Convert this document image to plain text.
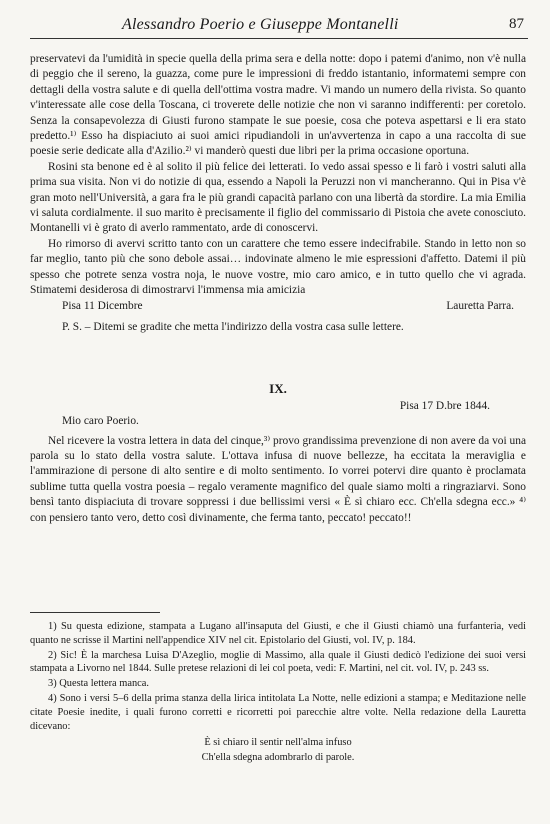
Alessandro Poerio e Giuseppe Montanelli	87

preservatevi da l'umidità in specie quella della prima sera e della notte: dopo i patemi d'animo, non v'è nulla di peggio che il sereno, la guazza, come pure le impressioni di freddo istantanio, informatemi sempre con dettagli della vostra salute e di quella dell'ottima vostra madre. Vi mando un numero della rivista. So quanto v'interessate alle cose della Toscana, ci troverete delle notizie che non vi saranno indifferenti: per coretolo. Senza la consapevolezza di Giusti furono stampate le sue poesie, cosa che poteva aspettarsi e li era stato predetto.¹⁾ Esso ha dispiaciuto ai suoi amici ripudiandoli in un'avvertenza in capo a una raccolta di sue poesie serie dedicate alla d'Azilio.²⁾ vi manderò questi due libri per la prima occasione oportuna.

Rosini sta benone ed è al solito il più felice dei letterati. Io vedo assai spesso e li farò i vostri saluti alla prima sua visita. Non vi do notizie di qua, essendo a Napoli la Peruzzi non vi mancheranno. Qui in Pisa v'è gran moto nell'Università, a gara fra le più grandi capacità parlano con una libertà da stordire. La mia Emilia vi saluta cordialmente. il suo marito è precisamente il figlio del commissario di Pistoia che avete conosciuto. Montanelli vi è grato di averlo rammentato, arde di conoscervi.

Ho rimorso di avervi scritto tanto con un carattere che temo essere indecifrabile. Stando in letto non so far meglio, tanto più che sono debole assai… indovinate almeno le mie espressioni d'affetto. Datemi il più spesso che potrete senza vostra noja, le nuove vostre, mio caro amico, e in tutto quello che vi agrada. Stimatemi desiderosa di dimostrarvi l'immensa mia amicizia

Pisa 11 Dicembre	Lauretta Parra.

P. S. – Ditemi se gradite che metta l'indirizzo della vostra casa sulle lettere.

IX.

Pisa 17 D.bre 1844.

Mio caro Poerio.

Nel ricevere la vostra lettera in data del cinque,³⁾ provo grandissima prevenzione di non avere da voi una parola su lo stato della vostra salute. L'ottava infusa di nuove bellezze, ha eccitata la meraviglia e l'ammirazione di persone di alto sentire e di molto sentimento. Io vorrei potervi dire quanto è proclamata sublime tutta quella vostra poesia – regalo veramente magnifico del quale siamo molti a ringraziarvi. Sono bensì tanto dispiaciuta di trovare soppressi i due bellissimi versi « È sì chiaro ecc. Ch'ella sdegna ecc.» ⁴⁾ con pensiero tanto vero, detto così divinamente, che ferma tanto, peccato! peccato!!

1) Su questa edizione, stampata a Lugano all'insaputa del Giusti, e che il Giusti chiamò una furfanteria, vedi quanto ne scrisse il Martini nell'appendice XIV nel cit. Epistolario del Giusti, vol. IV, p. 184.

2) Sic! È la marchesa Luisa D'Azeglio, moglie di Massimo, alla quale il Giusti dedicò l'edizione dei suoi versi stampata a Livorno nel 1844. Sulle pretese relazioni di lei col poeta, vedi: F. Martini, nel cit. vol. IV, p. 243 ss.

3) Questa lettera manca.

4) Sono i versi 5–6 della prima stanza della lirica intitolata La Notte, nelle edizioni a stampa; e Meditazione nelle citate Poesie inedite, i quali furono corretti e ricorretti poi parecchie altre volte. Nella redazione della Lauretta dicevano:

È sì chiaro il sentir nell'alma infuso
Ch'ella sdegna adombrarlo di parole.
